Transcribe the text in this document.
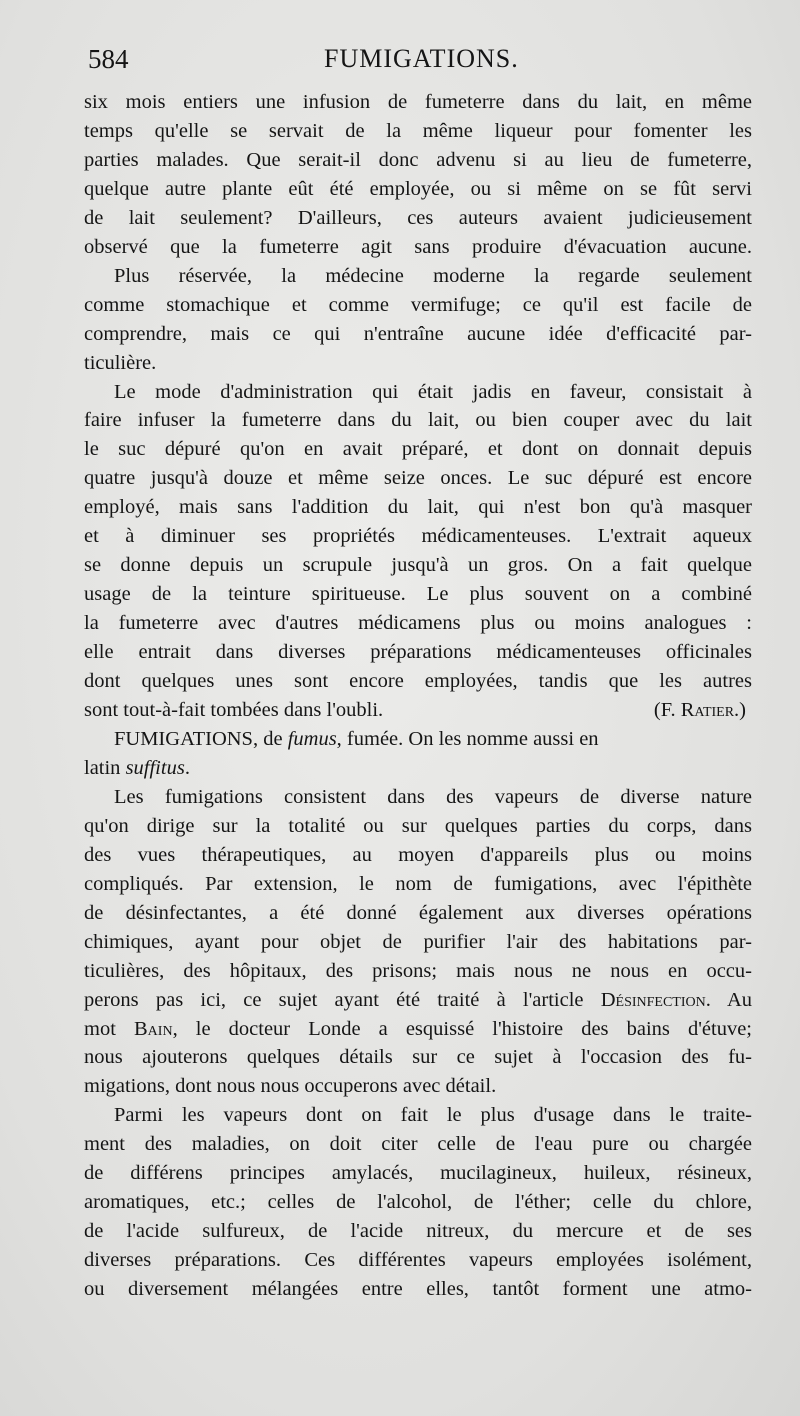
584	FUMIGATIONS.
six mois entiers une infusion de fumeterre dans du lait, en même
temps qu'elle se servait de la même liqueur pour fomenter les
parties malades. Que serait-il donc advenu si au lieu de fumeterre,
quelque autre plante eût été employée, ou si même on se fût servi
de lait seulement? D'ailleurs, ces auteurs avaient judicieusement
observé que la fumeterre agit sans produire d'évacuation aucune.
Plus réservée, la médecine moderne la regarde seulement
comme stomachique et comme vermifuge; ce qu'il est facile de
comprendre, mais ce qui n'entraîne aucune idée d'efficacité par-
ticulière.
Le mode d'administration qui était jadis en faveur, consistait à
faire infuser la fumeterre dans du lait, ou bien couper avec du lait
le suc dépuré qu'on en avait préparé, et dont on donnait depuis
quatre jusqu'à douze et même seize onces. Le suc dépuré est encore
employé, mais sans l'addition du lait, qui n'est bon qu'à masquer
et à diminuer ses propriétés médicamenteuses. L'extrait aqueux
se donne depuis un scrupule jusqu'à un gros. On a fait quelque
usage de la teinture spiritueuse. Le plus souvent on a combiné
la fumeterre avec d'autres médicamens plus ou moins analogues :
elle entrait dans diverses préparations médicamenteuses officinales
dont quelques unes sont encore employées, tandis que les autres
sont tout-à-fait tombées dans l'oubli.	(F. Ratier.)
FUMIGATIONS, de fumus, fumée. On les nomme aussi en
latin suffitus.
Les fumigations consistent dans des vapeurs de diverse nature
qu'on dirige sur la totalité ou sur quelques parties du corps, dans
des vues thérapeutiques, au moyen d'appareils plus ou moins
compliqués. Par extension, le nom de fumigations, avec l'épithète
de désinfectantes, a été donné également aux diverses opérations
chimiques, ayant pour objet de purifier l'air des habitations par-
ticulières, des hôpitaux, des prisons; mais nous ne nous en occu-
perons pas ici, ce sujet ayant été traité à l'article Désinfection. Au
mot Bain, le docteur Londe a esquissé l'histoire des bains d'étuve;
nous ajouterons quelques détails sur ce sujet à l'occasion des fu-
migations, dont nous nous occuperons avec détail.
Parmi les vapeurs dont on fait le plus d'usage dans le traite-
ment des maladies, on doit citer celle de l'eau pure ou chargée
de différens principes amylacés, mucilagineux, huileux, résineux,
aromatiques, etc.; celles de l'alcohol, de l'éther; celle du chlore,
de l'acide sulfureux, de l'acide nitreux, du mercure et de ses
diverses préparations. Ces différentes vapeurs employées isolément,
ou diversement mélangées entre elles, tantôt forment une atmo-
